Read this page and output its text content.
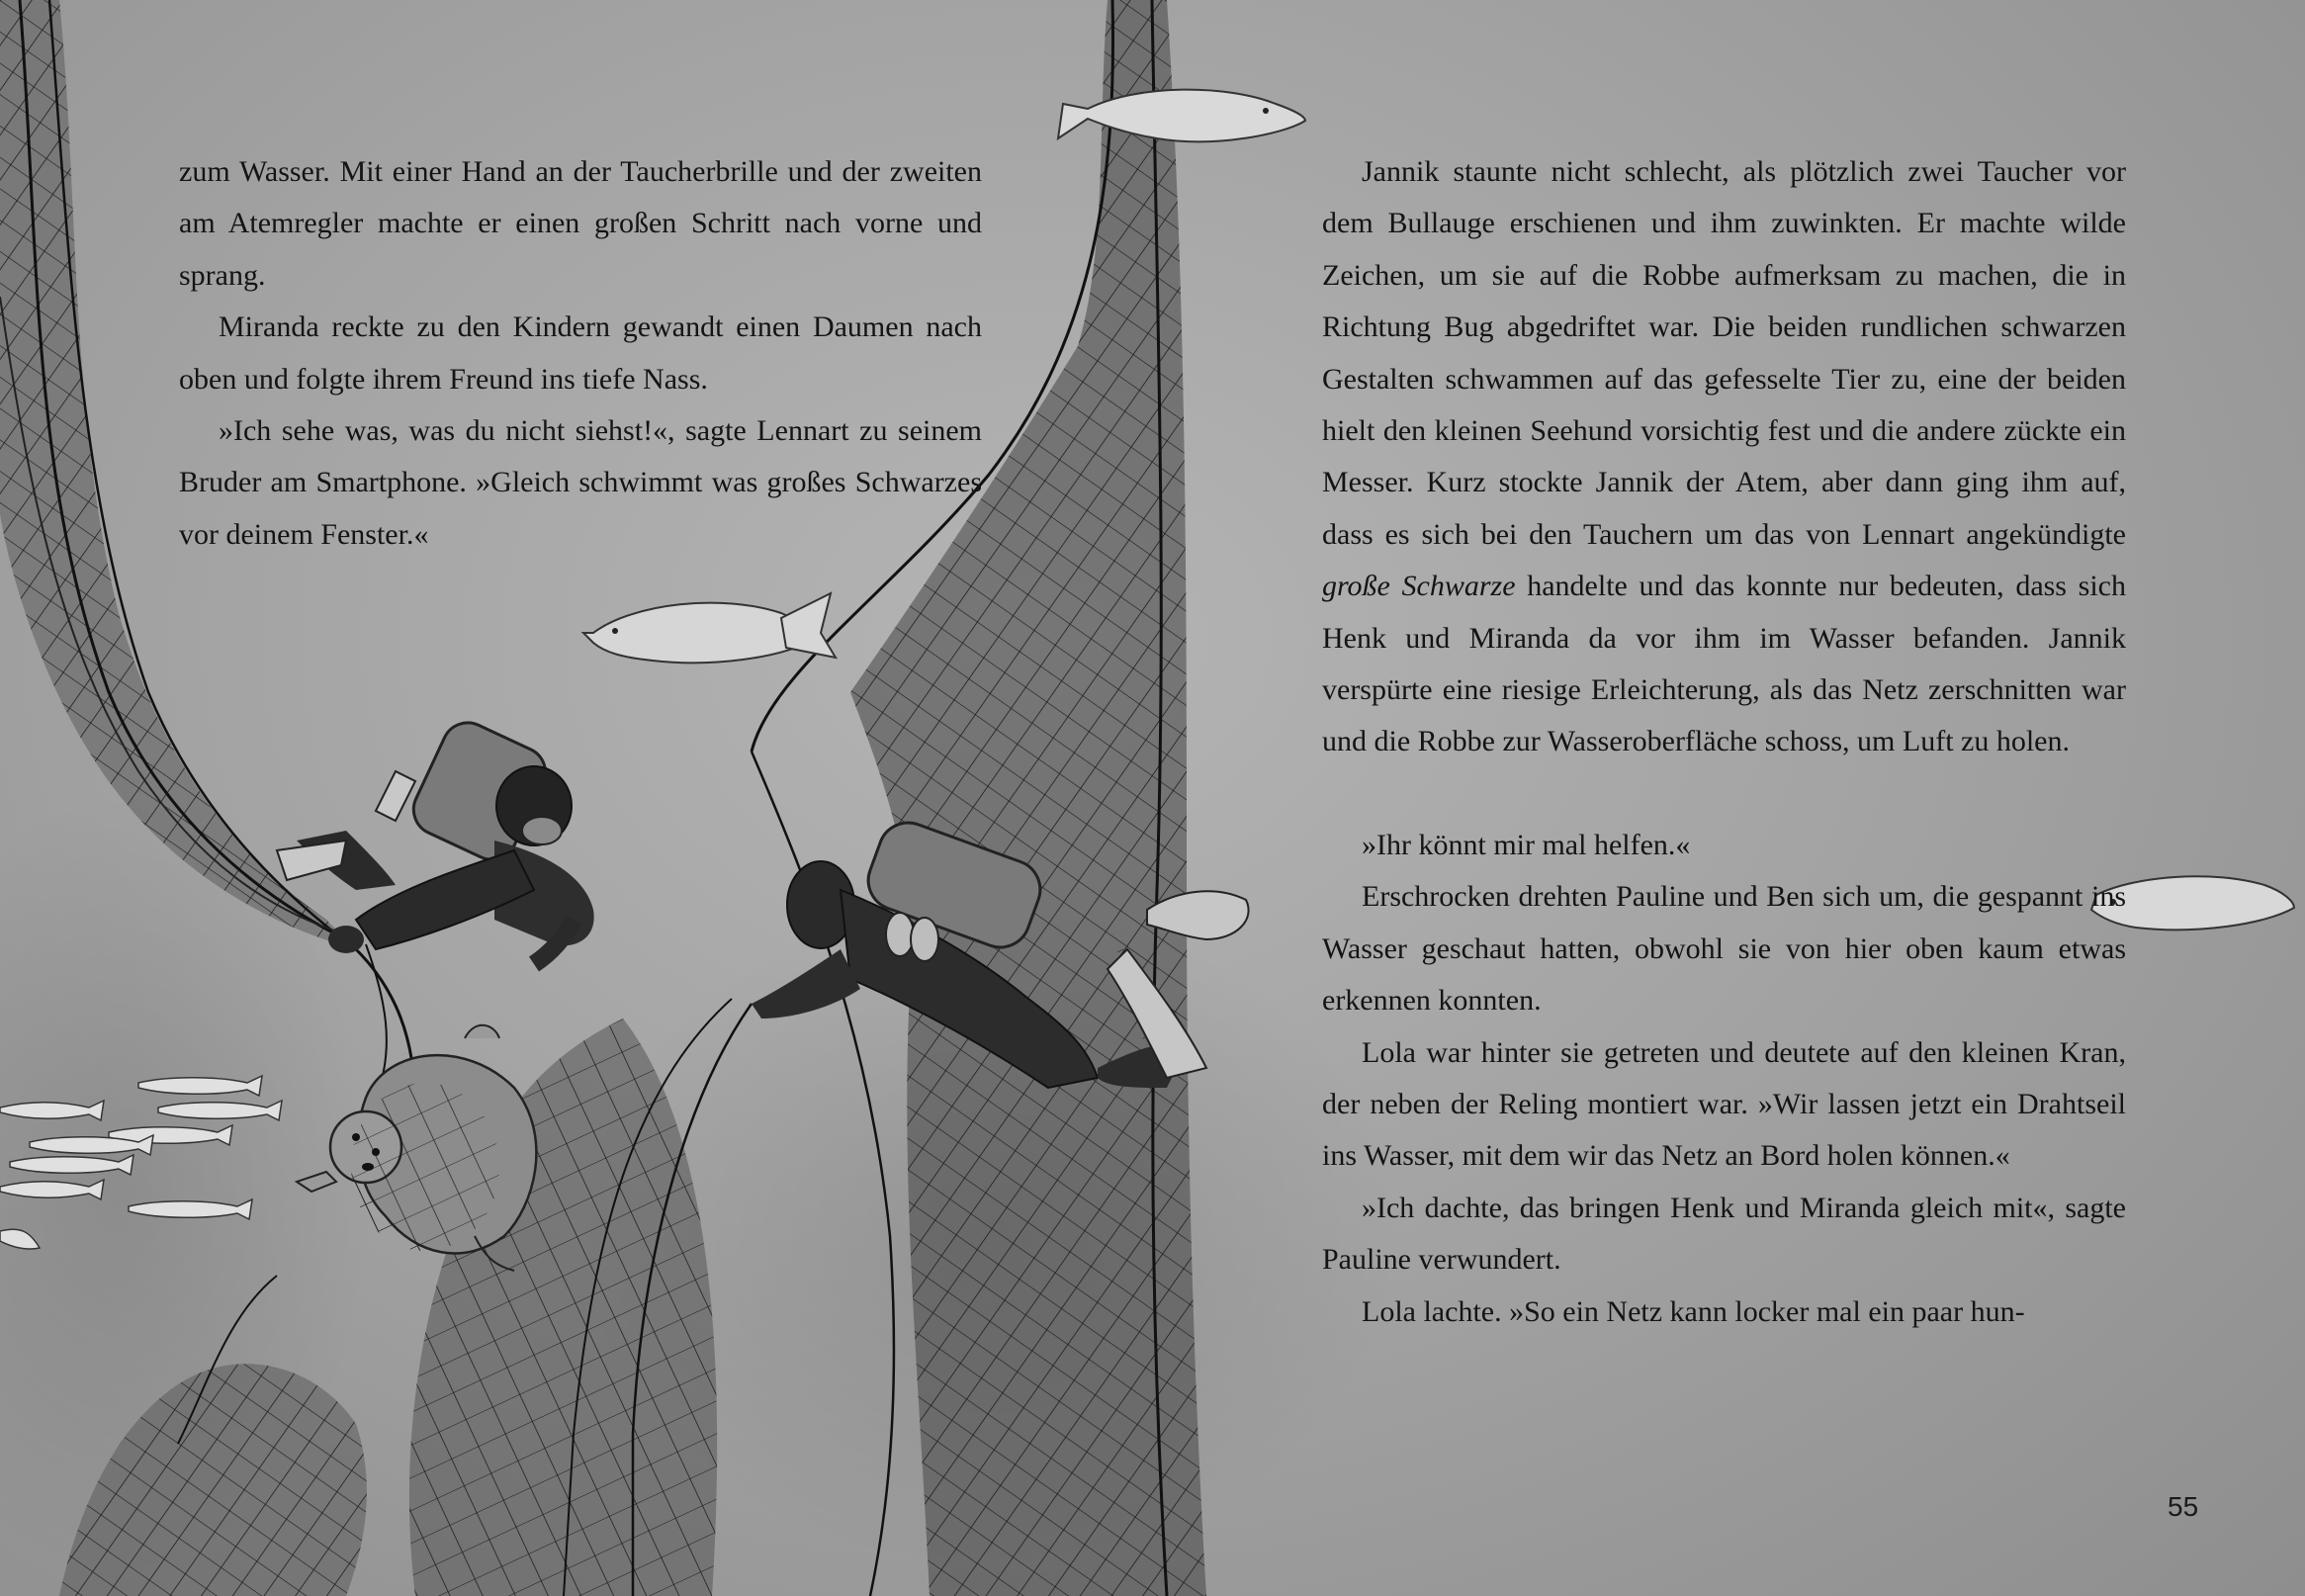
zum Wasser. Mit einer Hand an der Taucherbrille und der zweiten am Atemregler machte er einen großen Schritt nach vorne und sprang.

Miranda reckte zu den Kindern gewandt einen Daumen nach oben und folgte ihrem Freund ins tiefe Nass.

»Ich sehe was, was du nicht siehst!«, sagte Lennart zu seinem Bruder am Smartphone. »Gleich schwimmt was großes Schwarzes vor deinem Fenster.«

Jannik staunte nicht schlecht, als plötzlich zwei Taucher vor dem Bullauge erschienen und ihm zuwinkten. Er machte wilde Zeichen, um sie auf die Robbe aufmerksam zu machen, die in Richtung Bug abgedriftet war. Die beiden rundlichen schwarzen Gestalten schwammen auf das gefesselte Tier zu, eine der beiden hielt den kleinen Seehund vorsichtig fest und die andere zückte ein Messer. Kurz stockte Jannik der Atem, aber dann ging ihm auf, dass es sich bei den Tauchern um das von Lennart angekündigte große Schwarze handelte und das konnte nur bedeuten, dass sich Henk und Miranda da vor ihm im Wasser befanden. Jannik verspürte eine riesige Erleichterung, als das Netz zerschnitten war und die Robbe zur Wasseroberfläche schoss, um Luft zu holen.

»Ihr könnt mir mal helfen.«

Erschrocken drehten Pauline und Ben sich um, die gespannt ins Wasser geschaut hatten, obwohl sie von hier oben kaum etwas erkennen konnten.

Lola war hinter sie getreten und deutete auf den kleinen Kran, der neben der Reling montiert war. »Wir lassen jetzt ein Drahtseil ins Wasser, mit dem wir das Netz an Bord holen können.«

»Ich dachte, das bringen Henk und Miranda gleich mit«, sagte Pauline verwundert.

Lola lachte. »So ein Netz kann locker mal ein paar hun-

55
